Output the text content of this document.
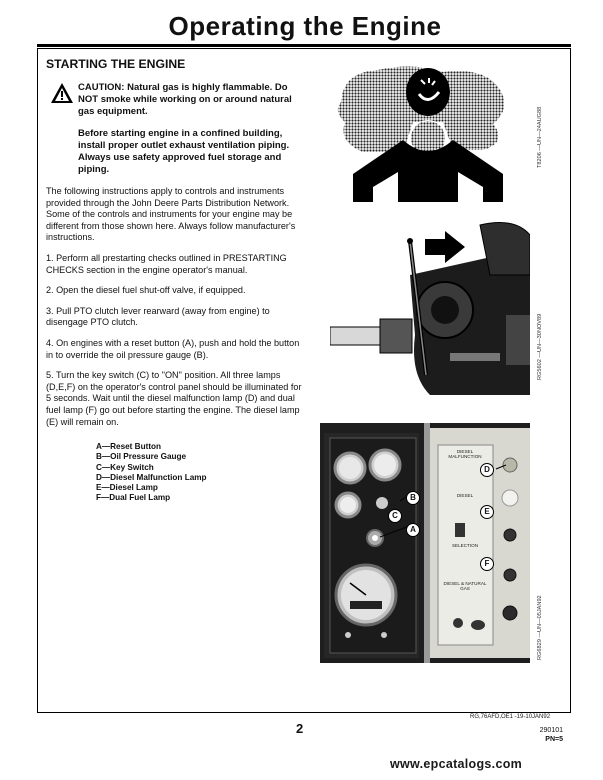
Operating the Engine
STARTING THE ENGINE

CAUTION: Natural gas is highly flammable. Do NOT smoke while working on or around natural gas equipment.

Before starting engine in a confined building, install proper outlet exhaust ventilation piping. Always use safety approved fuel storage and piping.

The following instructions apply to controls and instruments provided through the John Deere Parts Distribution Network. Some of the controls and instruments for your engine may be different from those shown here. Always follow manufacturer's instructions.

1. Perform all prestarting checks outlined in PRESTARTING CHECKS section in the engine operator's manual.

2. Open the diesel fuel shut-off valve, if equipped.

3. Pull PTO clutch lever rearward (away from engine) to disengage PTO clutch.

4. On engines with a reset button (A), push and hold the button in to override the oil pressure gauge (B).

5. Turn the key switch (C) to "ON" position. All three lamps (D,E,F) on the operator's control panel should be illuminated for 5 seconds. Wait until the diesel malfunction lamp (D) and dual fuel lamp (F) go out before starting the engine. The diesel lamp (E) will remain on.

A—Reset Button
B—Oil Pressure Gauge
C—Key Switch
D—Diesel Malfunction Lamp
E—Diesel Lamp
F—Dual Fuel Lamp
T8206 —UN—24AUG88
RG5602 —UN—30NOV89
DIESEL MALFUNCTION
DIESEL
SELECTION
DIESEL & NATURAL GAS
A
B
C
D
E
F
RG6829 —UN—05JAN92
RG,76AFD,OE1 -19-10JAN92
2	290101
PN=5
www.epcatalogs.com
